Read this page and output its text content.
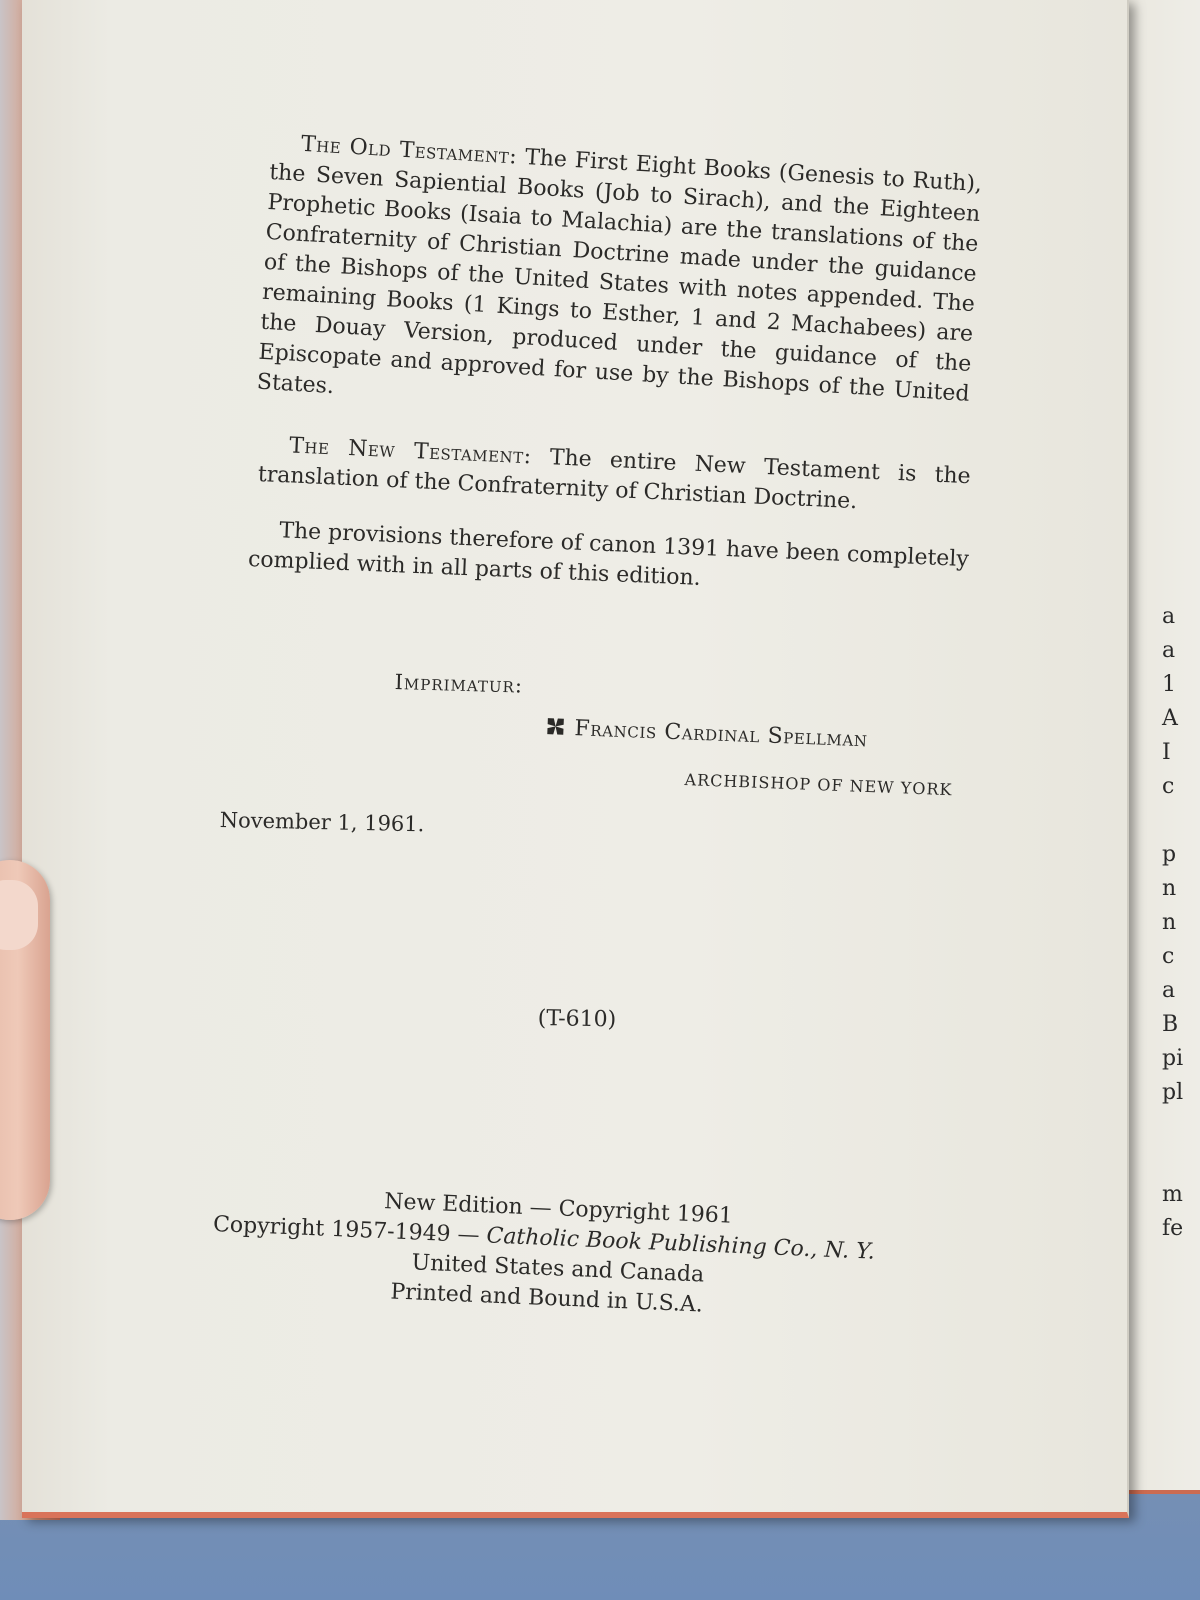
a
a
1
A
I
c
p
n
n
c
a
B
pi
pl
m
fe

The Old Testament: The First Eight Books (Genesis to Ruth), the Seven Sapiential Books (Job to Sirach), and the Eighteen Prophetic Books (Isaia to Malachia) are the translations of the Confraternity of Christian Doctrine made under the guidance of the Bishops of the United States with notes appended. The remaining Books (1 Kings to Esther, 1 and 2 Machabees) are the Douay Version, produced under the guidance of the Episcopate and approved for use by the Bishops of the United States.

The New Testament: The entire New Testament is the translation of the Confraternity of Christian Doctrine.

The provisions therefore of canon 1391 have been completely complied with in all parts of this edition.

Imprimatur:
Francis Cardinal Spellman
ARCHBISHOP OF NEW YORK
November 1, 1961.
(T-610)
New Edition — Copyright 1961
Copyright 1957-1949 — Catholic Book Publishing Co., N. Y.
United States and Canada
Printed and Bound in U.S.A.
